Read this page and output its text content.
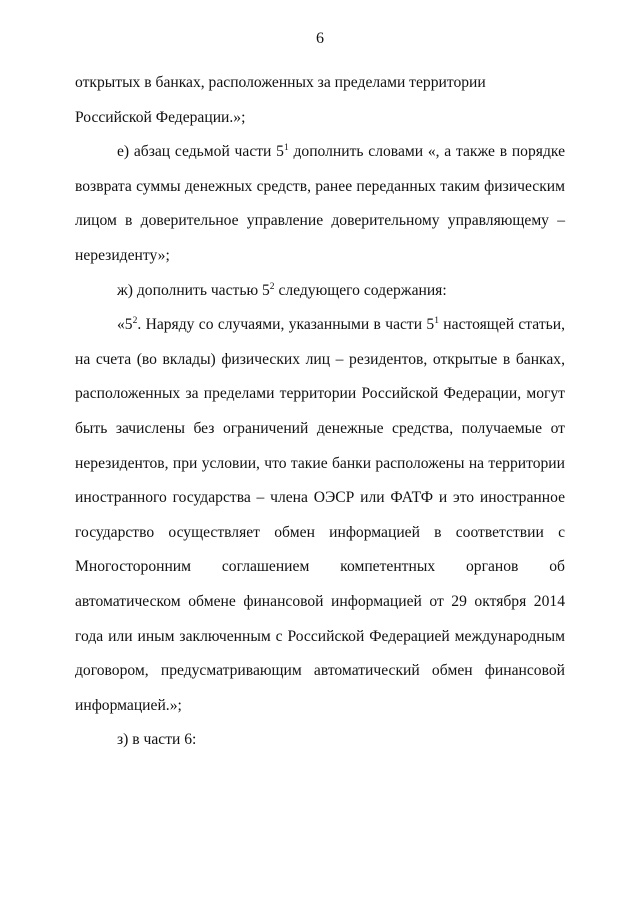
6

открытых в банках, расположенных за пределами территории Российской Федерации.»;

е) абзац седьмой части $5^1$ дополнить словами «, а также в порядке возврата суммы денежных средств, ранее переданных таким физическим лицом в доверительное управление доверительному управляющему – нерезиденту»;

ж) дополнить частью $5^2$ следующего содержания:

«$5^2$. Наряду со случаями, указанными в части $5^1$ настоящей статьи, на счета (во вклады) физических лиц – резидентов, открытые в банках, расположенных за пределами территории Российской Федерации, могут быть зачислены без ограничений денежные средства, получаемые от нерезидентов, при условии, что такие банки расположены на территории иностранного государства – члена ОЭСР или ФАТФ и это иностранное государство осуществляет обмен информацией в соответствии с Многосторонним соглашением компетентных органов об автоматическом обмене финансовой информацией от 29 октября 2014 года или иным заключенным с Российской Федерацией международным договором, предусматривающим автоматический обмен финансовой информацией.»;

з) в части 6:
